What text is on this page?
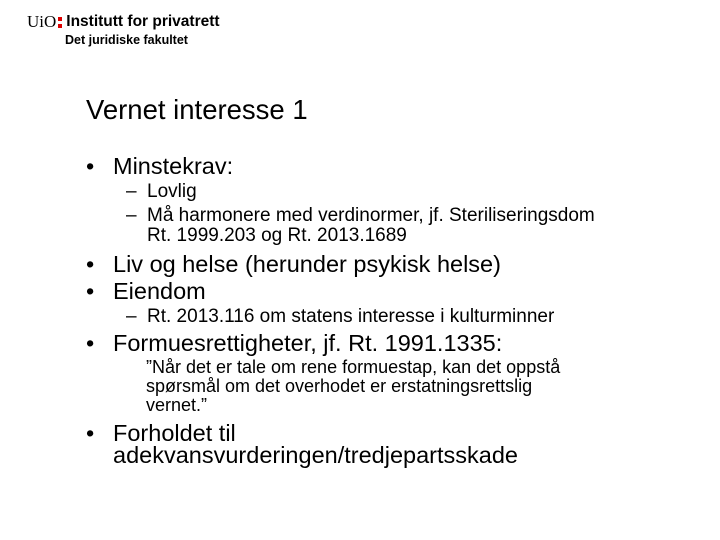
UiO Institutt for privatrett
Det juridiske fakultet
Vernet interesse 1
• Minstekrav:
– Lovlig
– Må harmonere med verdinormer, jf. Steriliseringsdom
Rt. 1999.203 og Rt. 2013.1689
• Liv og helse (herunder psykisk helse)
• Eiendom
– Rt. 2013.116 om statens interesse i kulturminner
• Formuesrettigheter, jf. Rt. 1991.1335:
”Når det er tale om rene formuestap, kan det oppstå
spørsmål om det overhodet er erstatningsrettslig
vernet.”
• Forholdet til
adekvansvurderingen/tredjepartsskade
